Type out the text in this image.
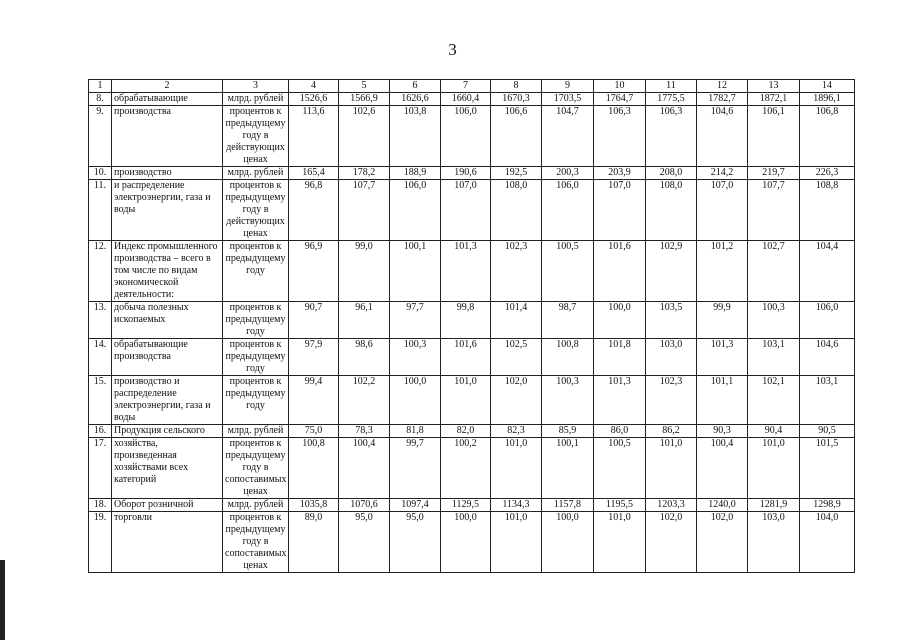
3
1	2	3	4	5	6	7	8	9	10	11	12	13	14
8.	обрабатывающие	млрд. рублей	1526,6	1566,9	1626,6	1660,4	1670,3	1703,5	1764,7	1775,5	1782,7	1872,1	1896,1
9.	производства	процентов к предыдущему году в действующих ценах	113,6	102,6	103,8	106,0	106,6	104,7	106,3	106,3	104,6	106,1	106,8
10.	производство	млрд. рублей	165,4	178,2	188,9	190,6	192,5	200,3	203,9	208,0	214,2	219,7	226,3
11.	и распределение электроэнергии, газа и воды	процентов к предыдущему году в действующих ценах	96,8	107,7	106,0	107,0	108,0	106,0	107,0	108,0	107,0	107,7	108,8
12.	Индекс промышленного производства – всего в том числе по видам экономической деятельности:	процентов к предыдущему году	96,9	99,0	100,1	101,3	102,3	100,5	101,6	102,9	101,2	102,7	104,4
13.	добыча полезных ископаемых	процентов к предыдущему году	90,7	96,1	97,7	99,8	101,4	98,7	100,0	103,5	99,9	100,3	106,0
14.	обрабатывающие производства	процентов к предыдущему году	97,9	98,6	100,3	101,6	102,5	100,8	101,8	103,0	101,3	103,1	104,6
15.	производство и распределение электроэнергии, газа и воды	процентов к предыдущему году	99,4	102,2	100,0	101,0	102,0	100,3	101,3	102,3	101,1	102,1	103,1
16.	Продукция сельского	млрд. рублей	75,0	78,3	81,8	82,0	82,3	85,9	86,0	86,2	90,3	90,4	90,5
17.	хозяйства, произведенная хозяйствами всех категорий	процентов к предыдущему году в сопоставимых ценах	100,8	100,4	99,7	100,2	101,0	100,1	100,5	101,0	100,4	101,0	101,5
18.	Оборот розничной	млрд. рублей	1035,8	1070,6	1097,4	1129,5	1134,3	1157,8	1195,5	1203,3	1240,0	1281,9	1298,9
19.	торговли	процентов к предыдущему году в сопоставимых ценах	89,0	95,0	95,0	100,0	101,0	100,0	101,0	102,0	102,0	103,0	104,0
